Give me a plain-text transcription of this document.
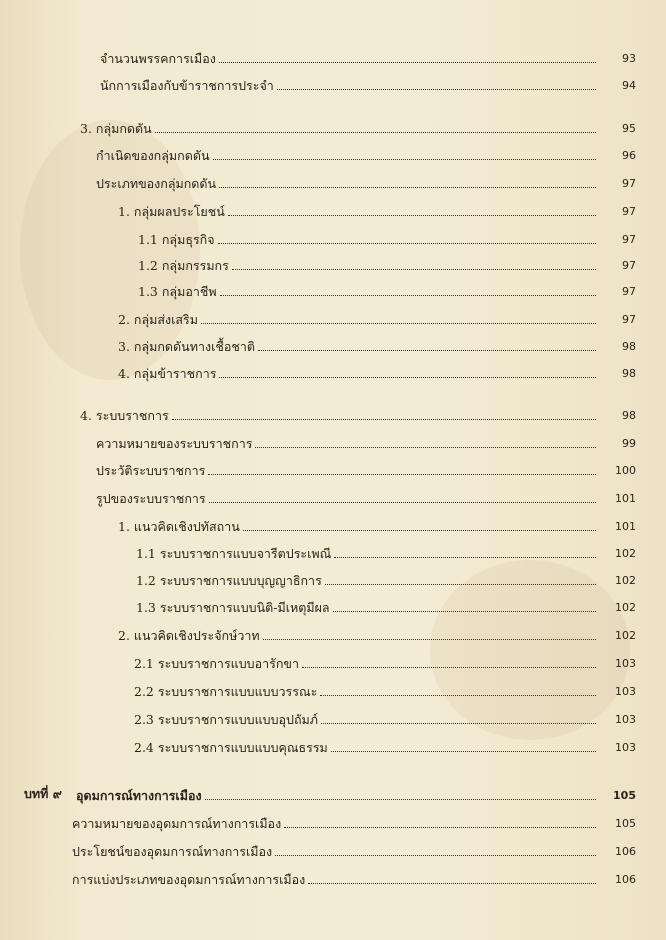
จำนวนพรรคการเมือง	93
นักการเมืองกับข้าราชการประจำ	94
3. กลุ่มกดดัน	95
กำเนิดของกลุ่มกดดัน	96
ประเภทของกลุ่มกดดัน	97
1. กลุ่มผลประโยชน์	97
1.1 กลุ่มธุรกิจ	97
1.2 กลุ่มกรรมกร	97
1.3 กลุ่มอาชีพ	97
2. กลุ่มส่งเสริม	97
3. กลุ่มกดดันทางเชื้อชาติ	98
4. กลุ่มข้าราชการ	98
4. ระบบราชการ	98
ความหมายของระบบราชการ	99
ประวัติระบบราชการ	100
รูปของระบบราชการ	101
1. แนวคิดเชิงปทัสถาน	101
1.1 ระบบราชการแบบจารีตประเพณี	102
1.2 ระบบราชการแบบบุญญาธิการ	102
1.3 ระบบราชการแบบนิติ-มีเหตุมีผล	102
2. แนวคิดเชิงประจักษ์วาท	102
2.1 ระบบราชการแบบอารักขา	103
2.2 ระบบราชการแบบแบบวรรณะ	103
2.3 ระบบราชการแบบแบบอุปถัมภ์	103
2.4 ระบบราชการแบบแบบคุณธรรม	103
บทที่ ๙ อุดมการณ์ทางการเมือง	105
ความหมายของอุดมการณ์ทางการเมือง	105
ประโยชน์ของอุดมการณ์ทางการเมือง	106
การแบ่งประเภทของอุดมการณ์ทางการเมือง	106
